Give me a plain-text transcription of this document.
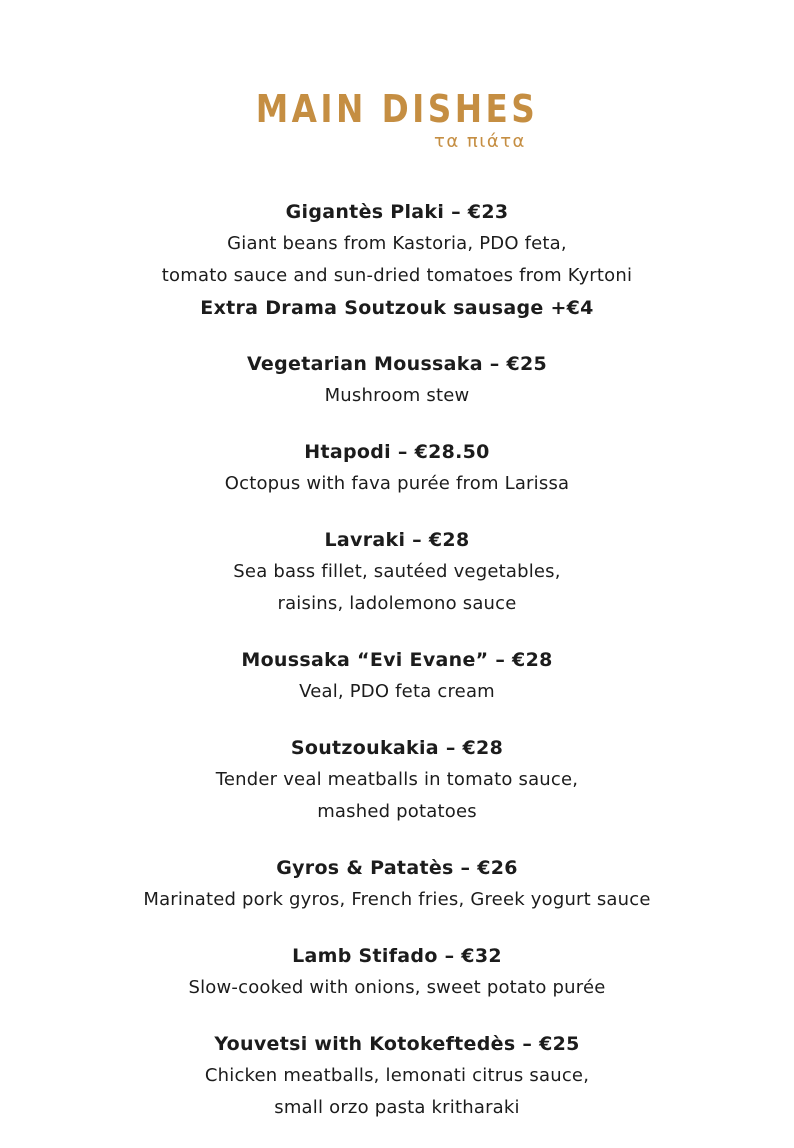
MAIN DISHES
τα πιάτα
Gigantès Plaki – €23
Giant beans from Kastoria, PDO feta,
tomato sauce and sun-dried tomatoes from Kyrtoni
Extra Drama Soutzouk sausage +€4
Vegetarian Moussaka – €25
Mushroom stew
Htapodi – €28.50
Octopus with fava purée from Larissa
Lavraki – €28
Sea bass fillet, sautéed vegetables,
raisins, ladolemono sauce
Moussaka “Evi Evane” – €28
Veal, PDO feta cream
Soutzoukakia – €28
Tender veal meatballs in tomato sauce,
mashed potatoes
Gyros & Patatès – €26
Marinated pork gyros, French fries, Greek yogurt sauce
Lamb Stifado – €32
Slow-cooked with onions, sweet potato purée
Youvetsi with Kotokeftedès – €25
Chicken meatballs, lemonati citrus sauce,
small orzo pasta kritharaki
